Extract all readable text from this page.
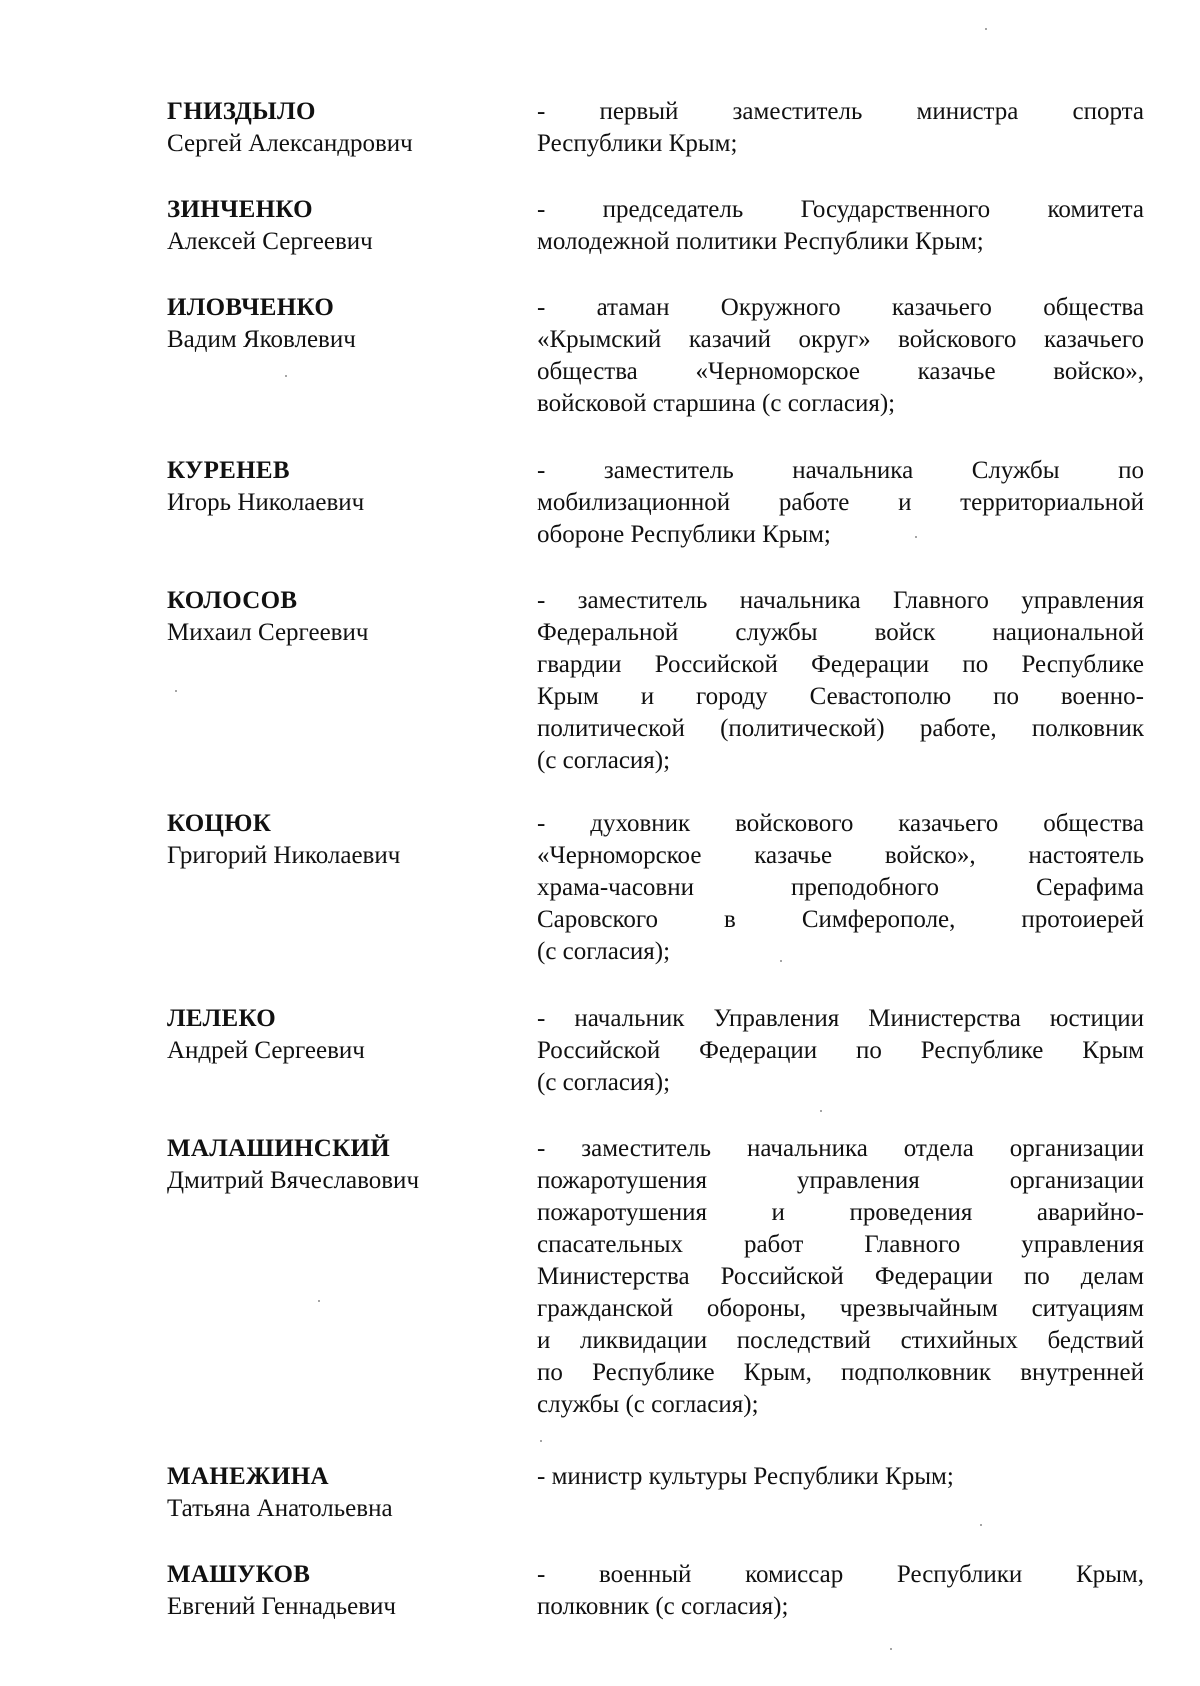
ГНИЗДЫЛО
Сергей Александрович
- первый заместитель министра спорта
Республики Крым;
ЗИНЧЕНКО
Алексей Сергеевич
- председатель Государственного комитета
молодежной политики Республики Крым;
ИЛОВЧЕНКО
Вадим Яковлевич
- атаман Окружного казачьего общества
«Крымский казачий округ» войскового казачьего
общества «Черноморское казачье войско»,
войсковой старшина (с согласия);
КУРЕНЕВ
Игорь Николаевич
- заместитель начальника Службы по
мобилизационной работе и территориальной
обороне Республики Крым;
КОЛОСОВ
Михаил Сергеевич
- заместитель начальника Главного управления
Федеральной службы войск национальной
гвардии Российской Федерации по Республике
Крым и городу Севастополю по военно-
политической (политической) работе, полковник
(с согласия);
КОЦЮК
Григорий Николаевич
- духовник войскового казачьего общества
«Черноморское казачье войско», настоятель
храма-часовни преподобного Серафима
Саровского в Симферополе, протоиерей
(с согласия);
ЛЕЛЕКО
Андрей Сергеевич
- начальник Управления Министерства юстиции
Российской Федерации по Республике Крым
(с согласия);
МАЛАШИНСКИЙ
Дмитрий Вячеславович
- заместитель начальника отдела организации
пожаротушения управления организации
пожаротушения и проведения аварийно-
спасательных работ Главного управления
Министерства Российской Федерации по делам
гражданской обороны, чрезвычайным ситуациям
и ликвидации последствий стихийных бедствий
по Республике Крым, подполковник внутренней
службы (с согласия);
МАНЕЖИНА
Татьяна Анатольевна
- министр культуры Республики Крым;
МАШУКОВ
Евгений Геннадьевич
- военный комиссар Республики Крым,
полковник (с согласия);
